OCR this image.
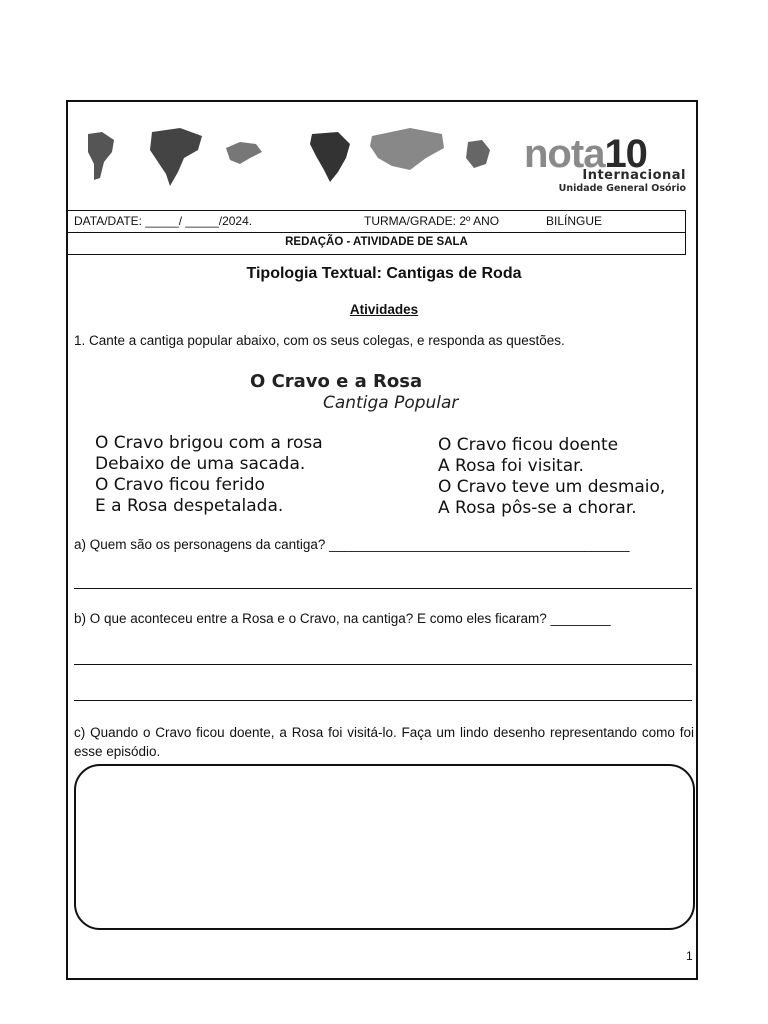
nota10
Internacional
Unidade General Osório
DATA/DATE: _____/ _____/2024.	TURMA/GRADE: 2º ANO	BILÍNGUE
REDAÇÃO - ATIVIDADE DE SALA
Tipologia Textual: Cantigas de Roda
Atividades
1. Cante a cantiga popular abaixo, com os seus colegas, e responda as questões.
O Cravo e a Rosa
Cantiga Popular
O Cravo brigou com a rosa
Debaixo de uma sacada.
O Cravo ficou ferido
E a Rosa despetalada.
O Cravo ficou doente
A Rosa foi visitar.
O Cravo teve um desmaio,
A Rosa pôs-se a chorar.
a) Quem são os personagens da cantiga? ________________________________________
b) O que aconteceu entre a Rosa e o Cravo, na cantiga? E como eles ficaram? ________
c) Quando o Cravo ficou doente, a Rosa foi visitá-lo. Faça um lindo desenho representando como foi esse episódio.
1
